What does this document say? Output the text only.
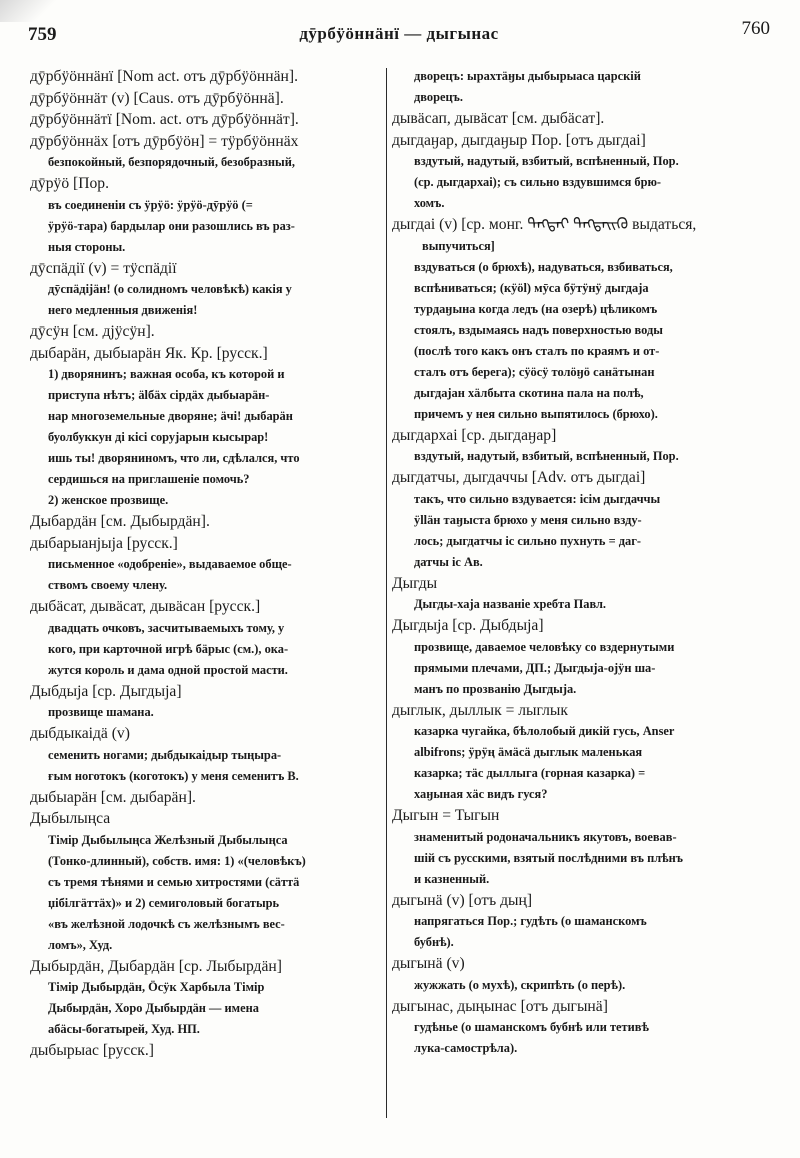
759	дӯрбӱӧннäнï — дыгынас	760
дӯрбӱӧннäнï [Nom act. отъ дӯрбӱӧннäн].
дӯрбӱӧннäт (v) [Caus. отъ дӯрбӱӧннӓ].
дӯрбӱӧннäтï [Nom. act. отъ дӯрбӱӧннäт].
дӯрбӱӧннäх [отъ дӯрбӱӧн] = тӱрбӱӧннäх
безпокойный, безпорядочный, безобразный,
дӯрӱӧ [Пор.
въ соединенiи съ ӱрӱӧ: ӱрӱӧ-дӯрӱӧ (=
ӱрӱӧ-тара) бардылар они разошлись въ раз-
ныя стороны.
дӯспäдiї (v) = тӱспäдiї
дӯспäдiјäн! (о солидномъ человѣкѣ) какiя у
него медленныя движенiя!
дӯсӱн [см. дјӱсӱн].
дыбарäн, дыбыарäн Як. Кр. [русск.]
1) дворянинъ; важная особа, къ которой и
приступа нѣтъ; älбäх сiрдäх дыбыарäн-
нар многоземельные дворяне; äчi! дыбарäн
буолбуккун дi кiсi соруjарын кысырар!
ишь ты! дворяниномъ, что ли, сдѣлался, что
сердишься на приглашенiе помочь?
2) женское прозвище.
Дыбардäн [см. Дыбырдäн].
дыбарыанjыја [русск.]
письменное «одобренiе», выдаваемое обще-
ствомъ своему члену.
дыбäсат, дывäсат, дывäсан [русск.]
двадцать очковъ, засчитываемыхъ тому, у
кого, при карточной игрѣ бäрыс (см.), ока-
жутся король и дама одной простой масти.
Дыбдыја [ср. Дыгдыја]
прозвище шамана.
дыбдыкаiдä (v)
семенить ногами; дыбдыкаiдыр тыңыра-
ғым ноготокъ (коготокъ) у меня семенитъ В.
дыбыарäн [см. дыбарäн].
Дыбылыңса
Тiмiр Дыбылыңса Желѣзный Дыбылыңса
(Тонко-длинный), собств. имя: 1) «(человѣкъ)
съ тремя тѣнями и семью хитростями (сäттä
џiбiлгäттäх)» и 2) семиголовый богатырь
«въ желѣзной лодочкѣ съ желѣзнымъ вес-
ломъ», Худ.
Дыбырдäн, Дыбардäн [ср. Лыбырдäн]
Тiмiр Дыбырдäн, Ӧсӱк Харбыла Тiмiр
Дыбырдäн, Хоро Дыбырдäн — имена
абäсы-богатырей, Худ. НП.
дыбырыас [русск.]
дворецъ: ырахтäӈы дыбырыаса царскiй
дворецъ.
дывäсап, дывäсат [см. дыбäсат].
дыгдаӈар, дыгдаӈыр Пор. [отъ дыгдаi]
вздутый, надутый, взбитый, вспѣненный, Пор.
(ср. дыгдархаi); съ сильно вздувшимся брю-
хомъ.
дыгдаi (v) [ср. монг. ᠳᠡᠭᠳᠡᠢ ᠳᠡᠭᠳᠡᠢᠬᠦ выдаться,
выпучиться]
вздуваться (о брюхѣ), надуваться, взбиваться,
вспѣниваться; (кӱӧl) мӯса бӱтӱнӱ дыгдаја
турдаӈына когда ледъ (на озерѣ) цѣликомъ
стоялъ, вздымаясь надъ поверхностью воды
(послѣ того какъ онъ сталъ по краямъ и от-
сталъ отъ берега); сӱӧсӱ толӧӈӧ санäтынан
дыгдајан хäлбыта скотина пала на полѣ,
причемъ у нея сильно выпятилось (брюхо).
дыгдархаi [ср. дыгдаӈар]
вздутый, надутый, взбитый, вспѣненный, Пор.
дыгдатчы, дыгдаччы [Adv. отъ дыгдаi]
такъ, что сильно вздувается: iсiм дыгдаччы
ӱllӓн таӈыста брюхо у меня сильно взду-
лось; дыгдатчы iс сильно пухнуть = даг-
датчы iс Ав.
Дыгды
Дыгды-хаја названiе хребта Павл.
Дыгдыја [ср. Дыбдыја]
прозвище, даваемое человѣку со вздернутыми
прямыми плечами, ДП.; Дыгдыја-оjӱн ша-
манъ по прозванiю Дыгдыја.
дыглык, дыллык = лыглык
казарка чугайка, бѣлолобый дикiй гусь, Anser
albifrons; ӱрӱң äмäсä дыглык маленькая
казарка; тäс дыллыга (горная казарка) =
хаӈыная хäс видъ гуся?
Дыгын = Тыгын
знаменитый родоначальникъ якутовъ, воевав-
шiй съ русскими, взятый послѣдними въ плѣнъ
и казненный.
дыгынä (v) [отъ дың]
напрягаться Пор.; гудѣть (о шаманскомъ
бубнѣ).
дыгынä (v)
жужжать (о мухѣ), скрипѣть (о перѣ).
дыгынас, дыңынас [отъ дыгынä]
гудѣнье (о шаманскомъ бубнѣ или тетивѣ
лука-самострѣла).
